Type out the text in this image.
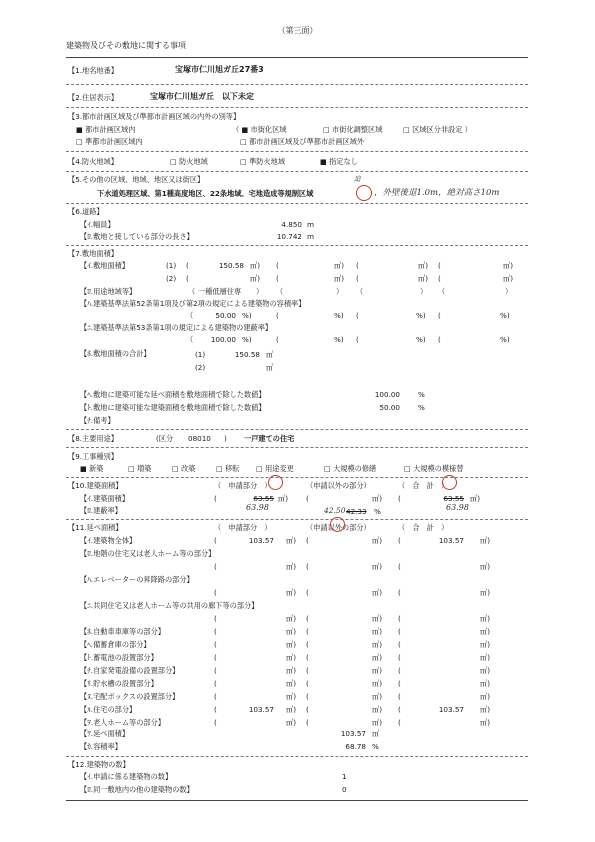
（第三面）
建築物及びその敷地に関する事項
【1.地名地番】	宝塚市仁川旭ガ丘27番3
【2.住居表示】	宝塚市仁川旭ガ丘　以下未定
【3.都市計画区域及び準都市計画区域の内外の別等】
■ 都市計画区域内	（ ■ 市街化区域	□ 市街化調整区域	□ 区域区分非設定 ）
□ 準都市計画区域内	□ 都市計画区域及び準都市計画区域外
【4.防火地域】	□ 防火地域	□ 準防火地域	■ 指定なし
【5.その他の区域、地域、地区又は街区】
下水道処理区域、第1種高度地区、22条地域、宅地造成等規制区域	，外壁後退1.0m，絶対高さ10m
追
【6.道路】
【ｲ.幅員】	4.850 m
【ﾛ.敷地と接している部分の長さ】	10.742 m
【7.敷地面積】
【ｲ.敷地面積】	(1) (	150.58 ㎡) (	㎡) (	㎡) (	㎡)
(2) (	㎡) (	㎡) (	㎡) (	㎡)
【ﾛ.用途地域等】	（ 一種低層住専 ） （	） （	） （	）
【ﾊ.建築基準法第52条第1項及び第2項の規定による建築物の容積率】
（	50.00 %)	(	%) (	%) (	%)
【ﾆ.建築基準法第53条第1項の規定による建築物の建蔽率】
（	100.00 %)	(	%) (	%) (	%)
【ﾎ.敷地面積の合計】	(1)	150.58 ㎡
(2)	㎡
【ﾍ.敷地に建築可能な延べ面積を敷地面積で除した数値】	100.00	%
【ﾄ.敷地に建築可能な建築面積を敷地面積で除した数値】	50.00	%
【ﾁ.備考】
【8.主要用途】	(区分 08010 ) 一戸建ての住宅
【9.工事種別】
■ 新築	□ 増築	□ 改築	□ 移転 □ 用途変更	□ 大規模の修繕	□ 大規模の模様替
【10.建築面積】	（　申請部分　）	（申請以外の部分）	（　合　計　）
【ｲ.建築面積】	(	63.55 ㎡)	(	㎡) (	63.55 ㎡)
63.98	63.98
【ﾛ.建蔽率】	42.50 42.33 %
【11.延べ面積】	（　申請部分　）	（申請以外の部分）	（　合　計　）
【ｲ.建築物全体】	(	103.57 ㎡) (	㎡) (	103.57 ㎡)
【ﾛ.地階の住宅又は老人ホーム等の部分】
(	㎡) (	㎡) (	㎡)
【ﾊ.エレベーターの昇降路の部分】
(	㎡) (	㎡) (	㎡)
【ﾆ.共同住宅又は老人ホーム等の共用の廊下等の部分】
(	㎡) (	㎡) (	㎡)
【ﾎ.自動車車庫等の部分】	(	㎡) (	㎡) (	㎡)
【ﾍ.備蓄倉庫の部分】	(	㎡) (	㎡) (	㎡)
【ﾄ.蓄電池の設置部分】	(	㎡) (	㎡) (	㎡)
【ﾁ.自家発電設備の設置部分】	(	㎡) (	㎡) (	㎡)
【ﾘ.貯水槽の設置部分】	(	㎡) (	㎡) (	㎡)
【ﾇ.宅配ボックスの設置部分】	(	㎡) (	㎡) (	㎡)
【ﾙ.住宅の部分】	(	103.57 ㎡) (	㎡) (	103.57 ㎡)
【ｦ.老人ホーム等の部分】	(	㎡) (	㎡) (	㎡)
【ﾜ.延べ面積】	103.57 ㎡
【ｶ.容積率】	68.78 %
【12.建築物の数】
【ｲ.申請に係る建築物の数】	1
【ﾛ.同一敷地内の他の建築物の数】	0
